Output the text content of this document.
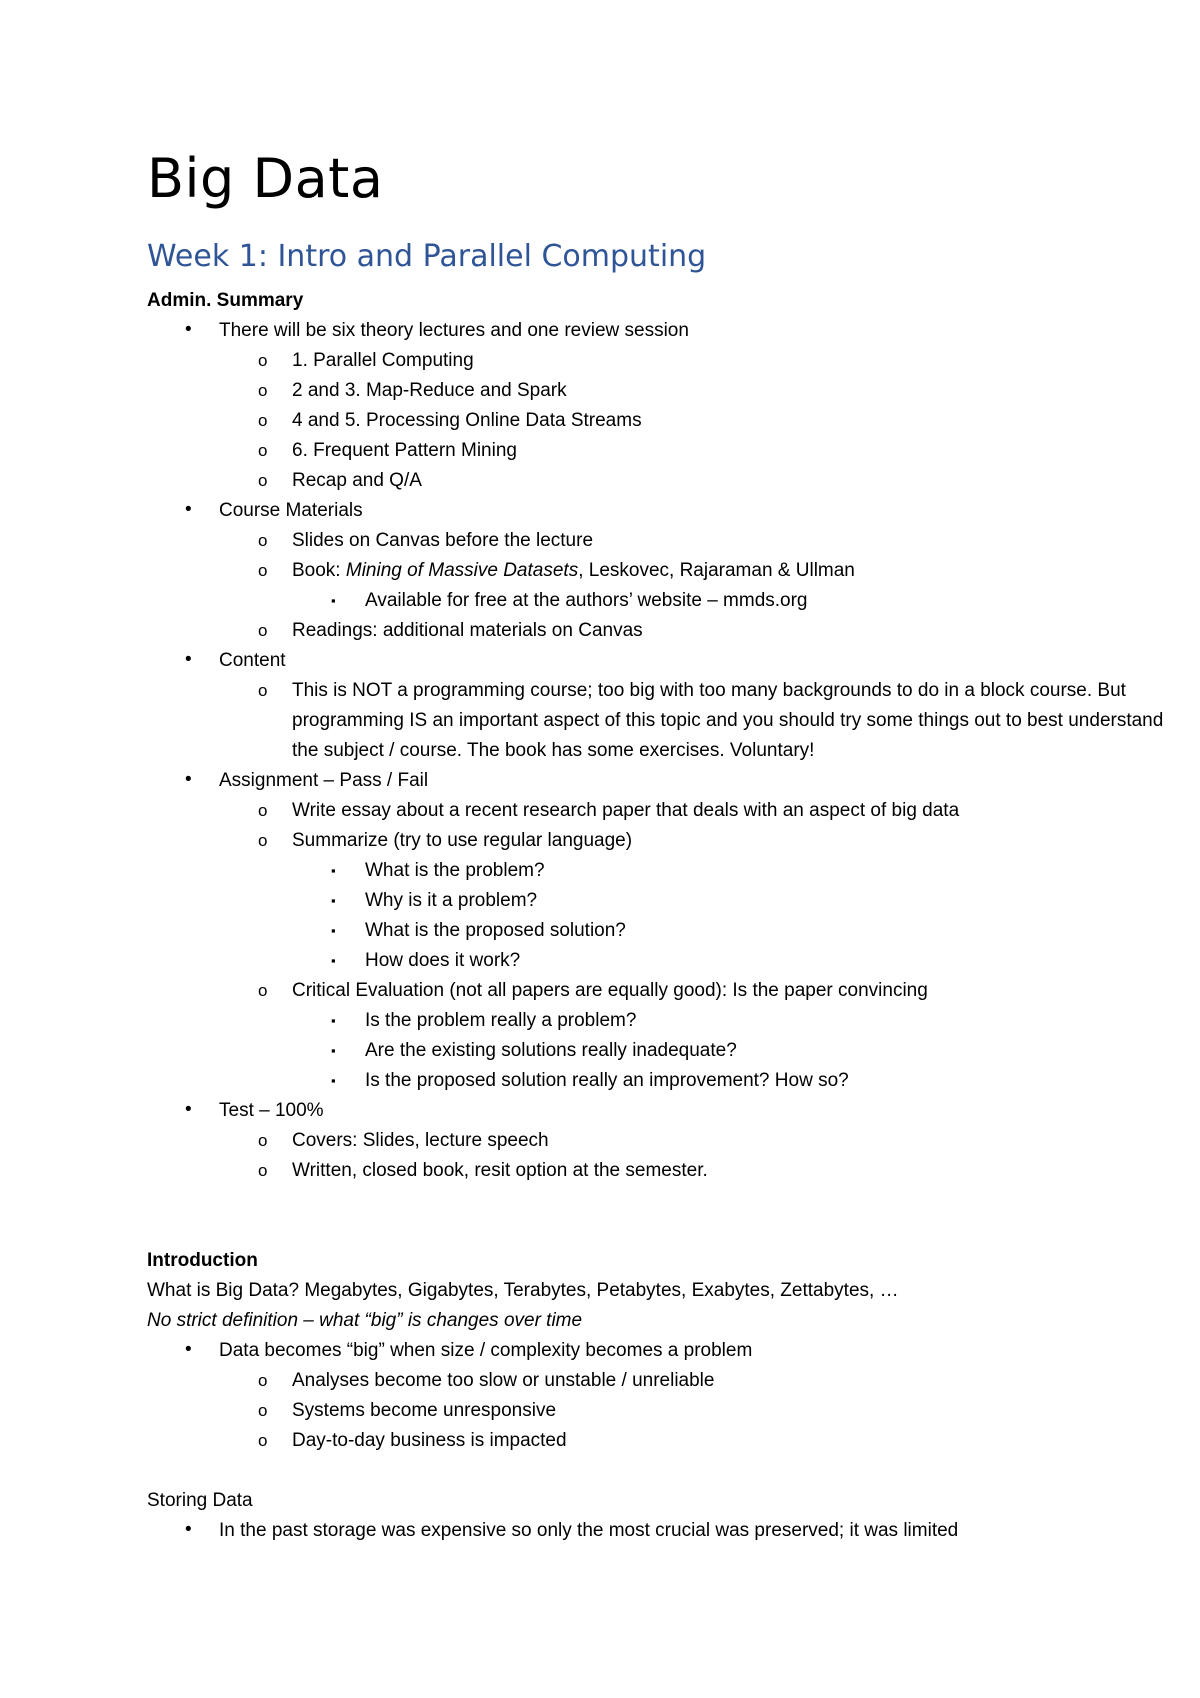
Big Data
Week 1: Intro and Parallel Computing
Admin. Summary
• There will be six theory lectures and one review session
o 1. Parallel Computing
o 2 and 3. Map-Reduce and Spark
o 4 and 5. Processing Online Data Streams
o 6. Frequent Pattern Mining
o Recap and Q/A
• Course Materials
o Slides on Canvas before the lecture
o Book: Mining of Massive Datasets, Leskovec, Rajaraman & Ullman
▪ Available for free at the authors’ website – mmds.org
o Readings: additional materials on Canvas
• Content
o This is NOT a programming course; too big with too many backgrounds to do in a block course. But programming IS an important aspect of this topic and you should try some things out to best understand the subject / course. The book has some exercises. Voluntary!
• Assignment – Pass / Fail
o Write essay about a recent research paper that deals with an aspect of big data
o Summarize (try to use regular language)
▪ What is the problem?
▪ Why is it a problem?
▪ What is the proposed solution?
▪ How does it work?
o Critical Evaluation (not all papers are equally good): Is the paper convincing
▪ Is the problem really a problem?
▪ Are the existing solutions really inadequate?
▪ Is the proposed solution really an improvement? How so?
• Test – 100%
o Covers: Slides, lecture speech
o Written, closed book, resit option at the semester.
Introduction
What is Big Data? Megabytes, Gigabytes, Terabytes, Petabytes, Exabytes, Zettabytes, …
No strict definition – what “big” is changes over time
• Data becomes “big” when size / complexity becomes a problem
o Analyses become too slow or unstable / unreliable
o Systems become unresponsive
o Day-to-day business is impacted
Storing Data
• In the past storage was expensive so only the most crucial was preserved; it was limited
